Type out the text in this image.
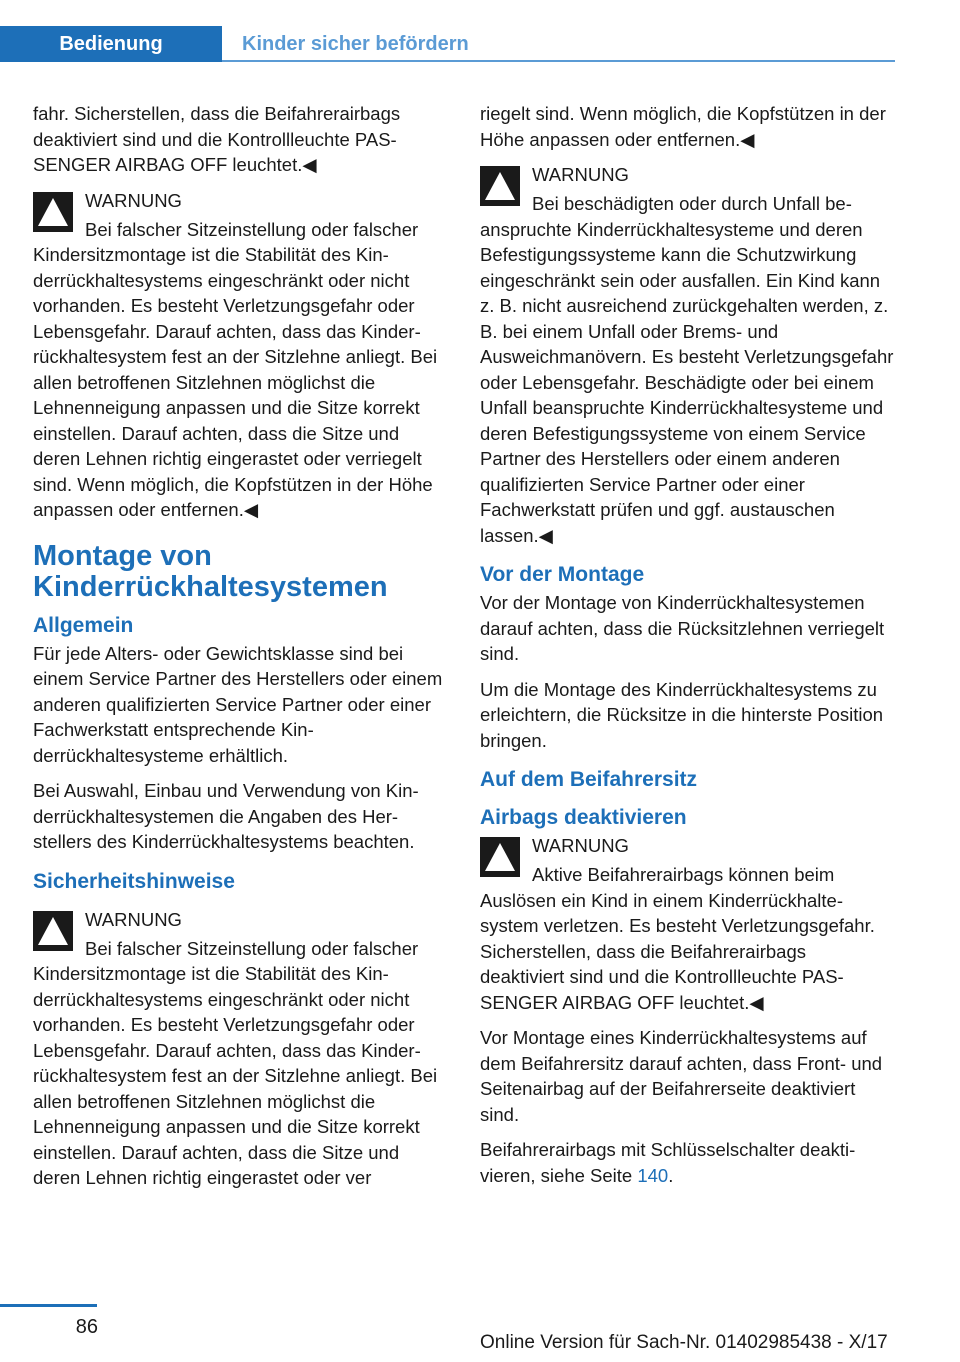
Bedienung	Kinder sicher befördern

fahr. Sicherstellen, dass die Beifahrerairbags deaktiviert sind und die Kontrollleuchte PASSENGER AIRBAG OFF leuchtet.◀

WARNUNG
Bei falscher Sitzeinstellung oder falscher Kindersitzmontage ist die Stabilität des Kinderrückhaltesystems eingeschränkt oder nicht vorhanden. Es besteht Verletzungsgefahr oder Lebensgefahr. Darauf achten, dass das Kinderrückhaltesystem fest an der Sitzlehne anliegt. Bei allen betroffenen Sitzlehnen möglichst die Lehnenneigung anpassen und die Sitze korrekt einstellen. Darauf achten, dass die Sitze und deren Lehnen richtig eingerastet oder verriegelt sind. Wenn möglich, die Kopfstützen in der Höhe anpassen oder entfernen.◀
Montage von Kinderrückhaltesystemen
Allgemein

Für jede Alters- oder Gewichtsklasse sind bei einem Service Partner des Herstellers oder einem anderen qualifizierten Service Partner oder einer Fachwerkstatt entsprechende Kinderrückhaltesysteme erhältlich.

Bei Auswahl, Einbau und Verwendung von Kinderrückhaltesystemen die Angaben des Herstellers des Kinderrückhaltesystems beachten.

Sicherheitshinweise
WARNUNG
Bei falscher Sitzeinstellung oder falscher Kindersitzmontage ist die Stabilität des Kinderrückhaltesystems eingeschränkt oder nicht vorhanden. Es besteht Verletzungsgefahr oder Lebensgefahr. Darauf achten, dass das Kinderrückhaltesystem fest an der Sitzlehne anliegt. Bei allen betroffenen Sitzlehnen möglichst die Lehnenneigung anpassen und die Sitze korrekt einstellen. Darauf achten, dass die Sitze und deren Lehnen richtig eingerastet oder ver

riegelt sind. Wenn möglich, die Kopfstützen in der Höhe anpassen oder entfernen.◀

WARNUNG
Bei beschädigten oder durch Unfall beanspruchte Kinderrückhaltesysteme und deren Befestigungssysteme kann die Schutzwirkung eingeschränkt sein oder ausfallen. Ein Kind kann z. B. nicht ausreichend zurückgehalten werden, z. B. bei einem Unfall oder Brems- und Ausweichmanövern. Es besteht Verletzungsgefahr oder Lebensgefahr. Beschädigte oder bei einem Unfall beanspruchte Kinderrückhaltesysteme und deren Befestigungssysteme von einem Service Partner des Herstellers oder einem anderen qualifizierten Service Partner oder einer Fachwerkstatt prüfen und ggf. austauschen lassen.◀
Vor der Montage

Vor der Montage von Kinderrückhaltesystemen darauf achten, dass die Rücksitzlehnen verriegelt sind.

Um die Montage des Kinderrückhaltesystems zu erleichtern, die Rücksitze in die hinterste Position bringen.

Auf dem Beifahrersitz
Airbags deaktivieren
WARNUNG
Aktive Beifahrerairbags können beim Auslösen ein Kind in einem Kinderrückhaltesystem verletzen. Es besteht Verletzungsgefahr. Sicherstellen, dass die Beifahrerairbags deaktiviert sind und die Kontrollleuchte PASSENGER AIRBAG OFF leuchtet.◀

Vor Montage eines Kinderrückhaltesystems auf dem Beifahrersitz darauf achten, dass Front- und Seitenairbag auf der Beifahrerseite deaktiviert sind.

Beifahrerairbags mit Schlüsselschalter deaktivieren, siehe Seite 140.

86
Online Version für Sach-Nr. 01402985438 - X/17
